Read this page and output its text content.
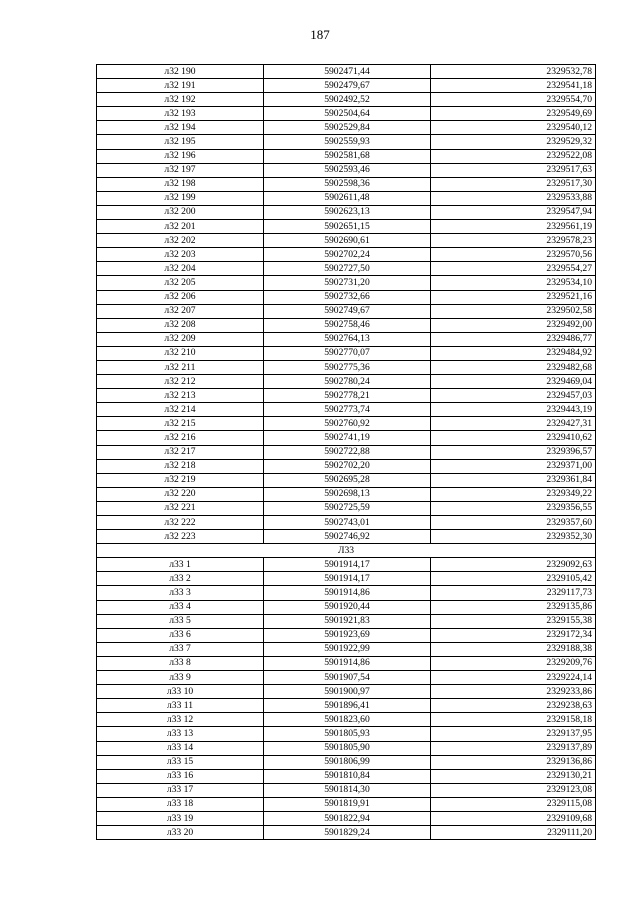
187
л32 190	5902471,44	2329532,78
л32 191	5902479,67	2329541,18
л32 192	5902492,52	2329554,70
л32 193	5902504,64	2329549,69
л32 194	5902529,84	2329540,12
л32 195	5902559,93	2329529,32
л32 196	5902581,68	2329522,08
л32 197	5902593,46	2329517,63
л32 198	5902598,36	2329517,30
л32 199	5902611,48	2329533,88
л32 200	5902623,13	2329547,94
л32 201	5902651,15	2329561,19
л32 202	5902690,61	2329578,23
л32 203	5902702,24	2329570,56
л32 204	5902727,50	2329554,27
л32 205	5902731,20	2329534,10
л32 206	5902732,66	2329521,16
л32 207	5902749,67	2329502,58
л32 208	5902758,46	2329492,00
л32 209	5902764,13	2329486,77
л32 210	5902770,07	2329484,92
л32 211	5902775,36	2329482,68
л32 212	5902780,24	2329469,04
л32 213	5902778,21	2329457,03
л32 214	5902773,74	2329443,19
л32 215	5902760,92	2329427,31
л32 216	5902741,19	2329410,62
л32 217	5902722,88	2329396,57
л32 218	5902702,20	2329371,00
л32 219	5902695,28	2329361,84
л32 220	5902698,13	2329349,22
л32 221	5902725,59	2329356,55
л32 222	5902743,01	2329357,60
л32 223	5902746,92	2329352,30
Л33		
л33 1	5901914,17	2329092,63
л33 2	5901914,17	2329105,42
л33 3	5901914,86	2329117,73
л33 4	5901920,44	2329135,86
л33 5	5901921,83	2329155,38
л33 6	5901923,69	2329172,34
л33 7	5901922,99	2329188,38
л33 8	5901914,86	2329209,76
л33 9	5901907,54	2329224,14
л33 10	5901900,97	2329233,86
л33 11	5901896,41	2329238,63
л33 12	5901823,60	2329158,18
л33 13	5901805,93	2329137,95
л33 14	5901805,90	2329137,89
л33 15	5901806,99	2329136,86
л33 16	5901810,84	2329130,21
л33 17	5901814,30	2329123,08
л33 18	5901819,91	2329115,08
л33 19	5901822,94	2329109,68
л33 20	5901829,24	2329111,20
